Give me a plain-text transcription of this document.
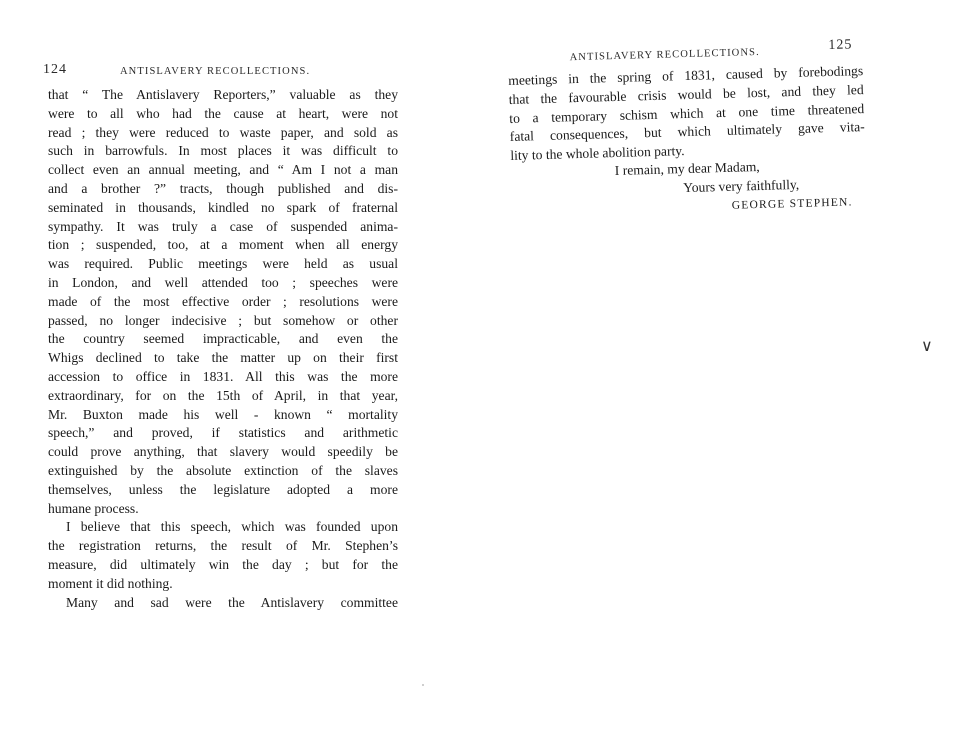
124	ANTISLAVERY RECOLLECTIONS.
that “ The Antislavery Reporters,” valuable as they
were to all who had the cause at heart, were not
read ; they were reduced to waste paper, and sold as
such in barrowfuls. In most places it was difficult to
collect even an annual meeting, and “ Am I not a man
and a brother ?” tracts, though published and dis-
seminated in thousands, kindled no spark of fraternal
sympathy. It was truly a case of suspended anima-
tion ; suspended, too, at a moment when all energy
was required. Public meetings were held as usual
in London, and well attended too ; speeches were
made of the most effective order ; resolutions were
passed, no longer indecisive ; but somehow or other
the country seemed impracticable, and even the
Whigs declined to take the matter up on their first
accession to office in 1831. All this was the more
extraordinary, for on the 15th of April, in that year,
Mr. Buxton made his well - known “ mortality
speech,” and proved, if statistics and arithmetic
could prove anything, that slavery would speedily be
extinguished by the absolute extinction of the slaves
themselves, unless the legislature adopted a more
humane process.
I believe that this speech, which was founded upon
the registration returns, the result of Mr. Stephen’s
measure, did ultimately win the day ; but for the
moment it did nothing.
Many and sad were the Antislavery committee
ANTISLAVERY RECOLLECTIONS.
125
meetings in the spring of 1831, caused by forebodings
that the favourable crisis would be lost, and they led
to a temporary schism which at one time threatened
fatal consequences, but which ultimately gave vita-
lity to the whole abolition party.
I remain, my dear Madam,
Yours very faithfully,
GEORGE STEPHEN.
∨
